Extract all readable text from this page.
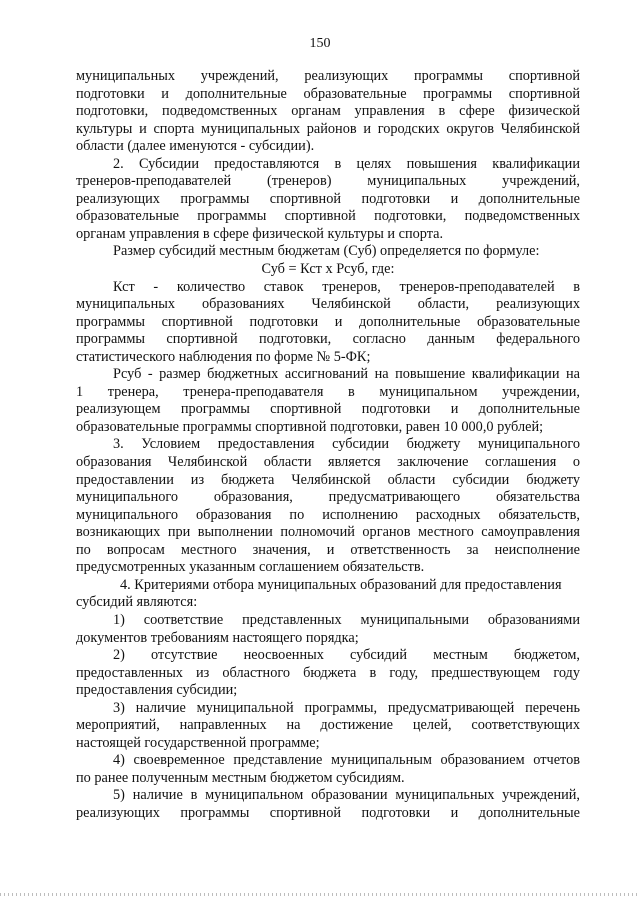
150
муниципальных учреждений, реализующих программы спортивной
подготовки и дополнительные образовательные программы спортивной
подготовки, подведомственных органам управления в сфере физической
культуры и спорта муниципальных районов и городских округов Челябинской
области (далее именуются - субсидии).
2. Субсидии предоставляются в целях повышения квалификации
тренеров-преподавателей (тренеров) муниципальных учреждений,
реализующих программы спортивной подготовки и дополнительные
образовательные программы спортивной подготовки, подведомственных
органам управления в сфере физической культуры и спорта.
Размер субсидий местным бюджетам (Суб) определяется по формуле:
Суб = Кст х Рсуб, где:
Кст - количество ставок тренеров, тренеров-преподавателей в
муниципальных образованиях Челябинской области, реализующих
программы спортивной подготовки и дополнительные образовательные
программы спортивной подготовки, согласно данным федерального
статистического наблюдения по форме № 5-ФК;
Рсуб - размер бюджетных ассигнований на повышение квалификации на
1 тренера, тренера-преподавателя в муниципальном учреждении,
реализующем программы спортивной подготовки и дополнительные
образовательные программы спортивной подготовки, равен 10 000,0 рублей;
3. Условием предоставления субсидии бюджету муниципального
образования Челябинской области является заключение соглашения о
предоставлении из бюджета Челябинской области субсидии бюджету
муниципального образования, предусматривающего обязательства
муниципального образования по исполнению расходных обязательств,
возникающих при выполнении полномочий органов местного самоуправления
по вопросам местного значения, и ответственность за неисполнение
предусмотренных указанным соглашением обязательств.
4. Критериями отбора муниципальных образований для предоставления
субсидий являются:
1) соответствие представленных муниципальными образованиями
документов требованиям настоящего порядка;
2) отсутствие неосвоенных субсидий местным бюджетом,
предоставленных из областного бюджета в году, предшествующем году
предоставления субсидии;
3) наличие муниципальной программы, предусматривающей перечень
мероприятий, направленных на достижение целей, соответствующих
настоящей государственной программе;
4) своевременное представление муниципальным образованием отчетов
по ранее полученным местным бюджетом субсидиям.
5) наличие в муниципальном образовании муниципальных учреждений,
реализующих программы спортивной подготовки и дополнительные
